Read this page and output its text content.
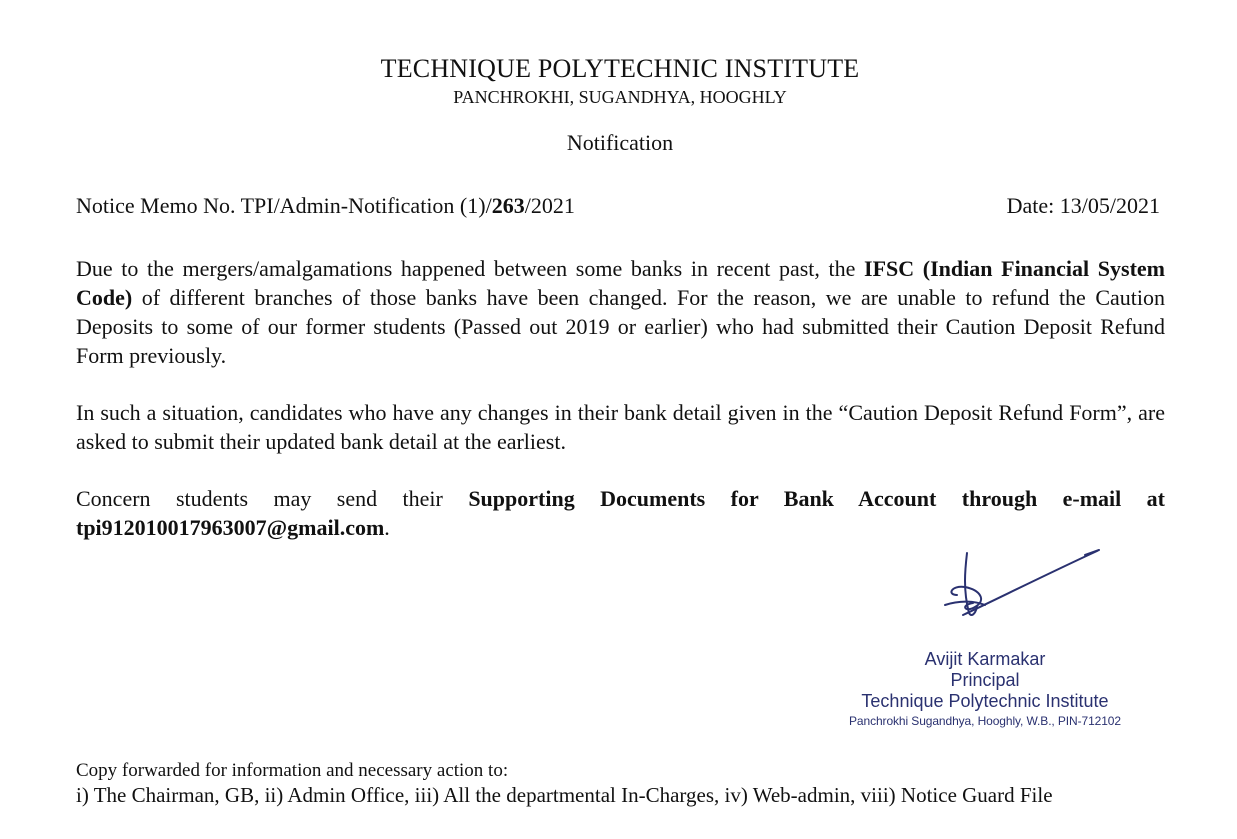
TECHNIQUE POLYTECHNIC INSTITUTE
PANCHROKHI, SUGANDHYA, HOOGHLY
Notification
Notice Memo No. TPI/Admin-Notification (1)/263/2021	Date: 13/05/2021
Due to the mergers/amalgamations happened between some banks in recent past, the IFSC (Indian Financial System Code) of different branches of those banks have been changed. For the reason, we are unable to refund the Caution Deposits to some of our former students (Passed out 2019 or earlier) who had submitted their Caution Deposit Refund Form previously.
In such a situation, candidates who have any changes in their bank detail given in the “Caution Deposit Refund Form”, are asked to submit their updated bank detail at the earliest.
Concern students may send their Supporting Documents for Bank Account through e-mail at tpi912010017963007@gmail.com.
Avijit Karmakar
Principal
Technique Polytechnic Institute
Panchrokhi Sugandhya, Hooghly, W.B., PIN-712102
Copy forwarded for information and necessary action to:
i) The Chairman, GB, ii) Admin Office, iii) All the departmental In-Charges, iv) Web-admin, viii) Notice Guard File
